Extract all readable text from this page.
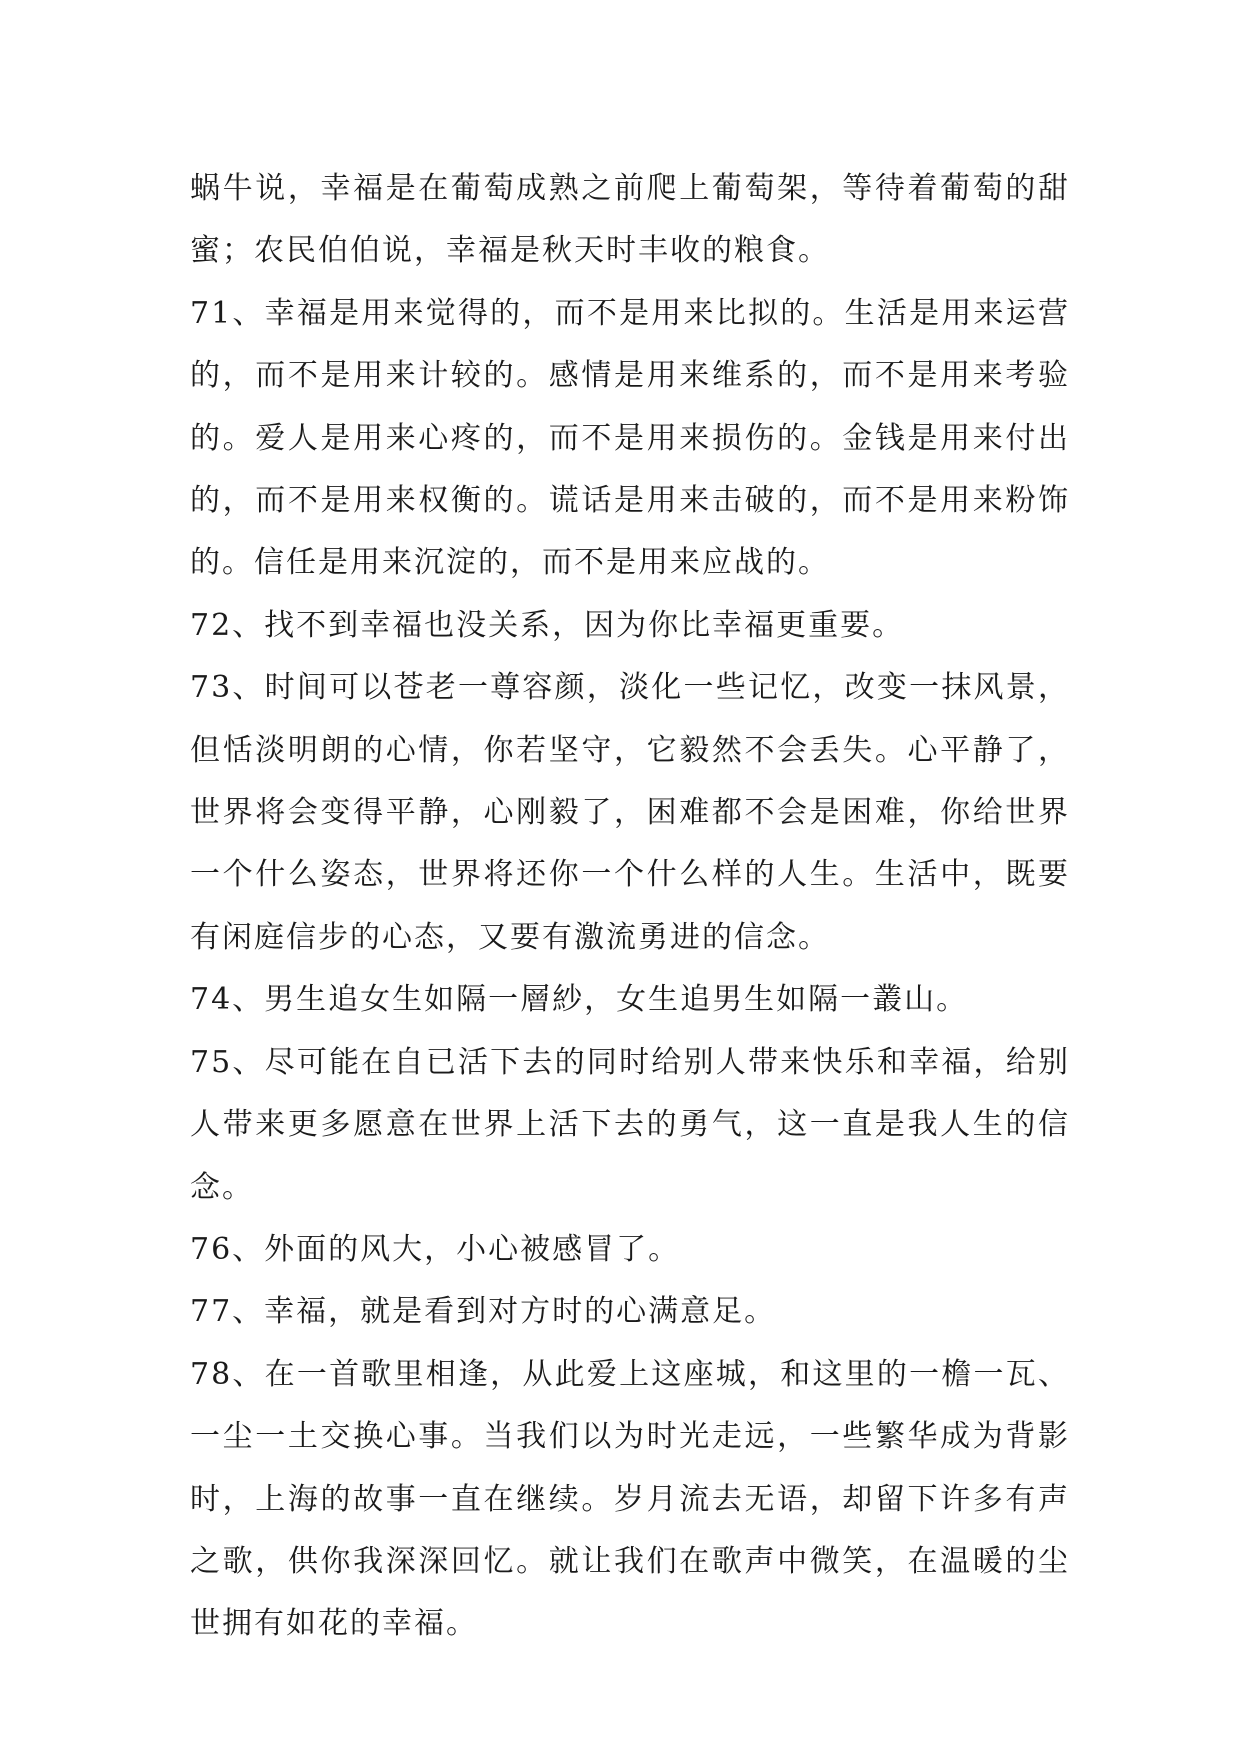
蜗牛说，幸福是在葡萄成熟之前爬上葡萄架，等待着葡萄的甜蜜；农民伯伯说，幸福是秋天时丰收的粮食。

71、幸福是用来觉得的，而不是用来比拟的。生活是用来运营的，而不是用来计较的。感情是用来维系的，而不是用来考验的。爱人是用来心疼的，而不是用来损伤的。金钱是用来付出的，而不是用来权衡的。谎话是用来击破的，而不是用来粉饰的。信任是用来沉淀的，而不是用来应战的。

72、找不到幸福也没关系，因为你比幸福更重要。

73、时间可以苍老一尊容颜，淡化一些记忆，改变一抹风景，但恬淡明朗的心情，你若坚守，它毅然不会丢失。心平静了，世界将会变得平静，心刚毅了，困难都不会是困难，你给世界一个什么姿态，世界将还你一个什么样的人生。生活中，既要有闲庭信步的心态，又要有激流勇进的信念。

74、男生追女生如隔一層紗，女生追男生如隔一叢山。

75、尽可能在自已活下去的同时给别人带来快乐和幸福，给别人带来更多愿意在世界上活下去的勇气，这一直是我人生的信念。

76、外面的风大，小心被感冒了。

77、幸福，就是看到对方时的心满意足。

78、在一首歌里相逢，从此爱上这座城，和这里的一檐一瓦、一尘一土交换心事。当我们以为时光走远，一些繁华成为背影时，上海的故事一直在继续。岁月流去无语，却留下许多有声之歌，供你我深深回忆。就让我们在歌声中微笑，在温暖的尘世拥有如花的幸福。
